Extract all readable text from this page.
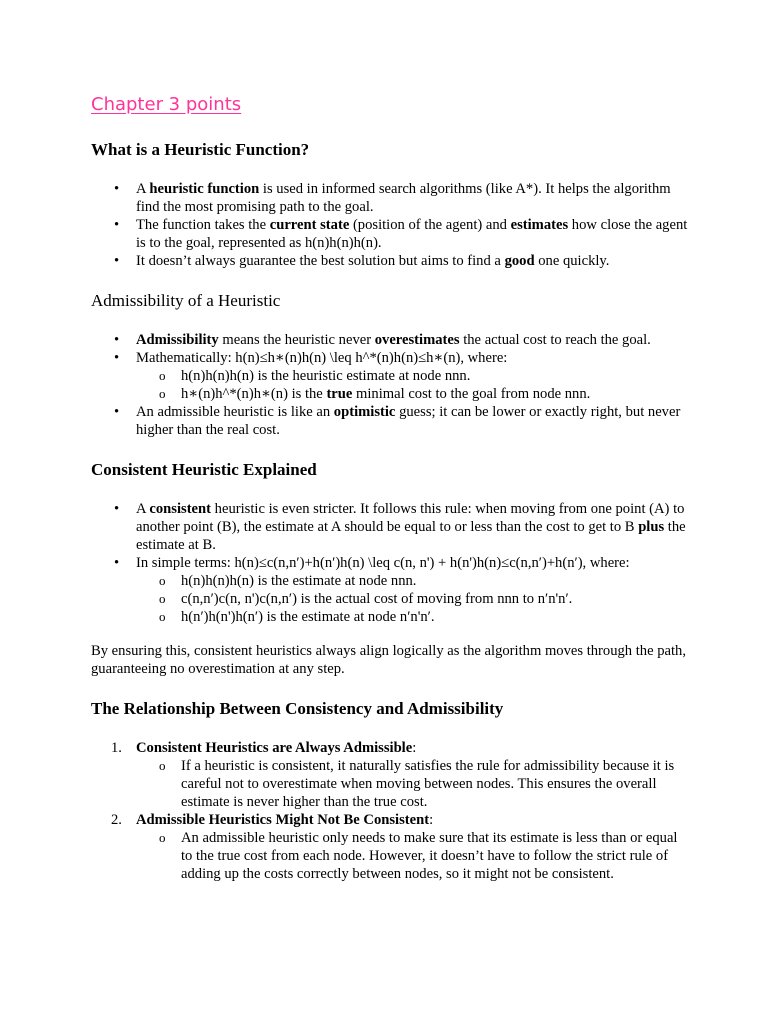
Chapter 3 points
What is a Heuristic Function?
• A heuristic function is used in informed search algorithms (like A*). It helps the algorithm find the most promising path to the goal.
• The function takes the current state (position of the agent) and estimates how close the agent is to the goal, represented as h(n)h(n)h(n).
• It doesn’t always guarantee the best solution but aims to find a good one quickly.
Admissibility of a Heuristic
• Admissibility means the heuristic never overestimates the actual cost to reach the goal.
• Mathematically: h(n)≤h∗(n)h(n) \leq h^*(n)h(n)≤h∗(n), where:
o h(n)h(n)h(n) is the heuristic estimate at node nnn.
o h∗(n)h^*(n)h∗(n) is the true minimal cost to the goal from node nnn.
• An admissible heuristic is like an optimistic guess; it can be lower or exactly right, but never higher than the real cost.
Consistent Heuristic Explained
• A consistent heuristic is even stricter. It follows this rule: when moving from one point (A) to another point (B), the estimate at A should be equal to or less than the cost to get to B plus the estimate at B.
• In simple terms: h(n)≤c(n,n′)+h(n′)h(n) \leq c(n, n') + h(n')h(n)≤c(n,n′)+h(n′), where:
o h(n)h(n)h(n) is the estimate at node nnn.
o c(n,n′)c(n, n')c(n,n′) is the actual cost of moving from nnn to n′n'n′.
o h(n′)h(n')h(n′) is the estimate at node n′n'n′.

By ensuring this, consistent heuristics always align logically as the algorithm moves through the path, guaranteeing no overestimation at any step.

The Relationship Between Consistency and Admissibility
1. Consistent Heuristics are Always Admissible:
o If a heuristic is consistent, it naturally satisfies the rule for admissibility because it is careful not to overestimate when moving between nodes. This ensures the overall estimate is never higher than the true cost.
2. Admissible Heuristics Might Not Be Consistent:
o An admissible heuristic only needs to make sure that its estimate is less than or equal to the true cost from each node. However, it doesn’t have to follow the strict rule of adding up the costs correctly between nodes, so it might not be consistent.
